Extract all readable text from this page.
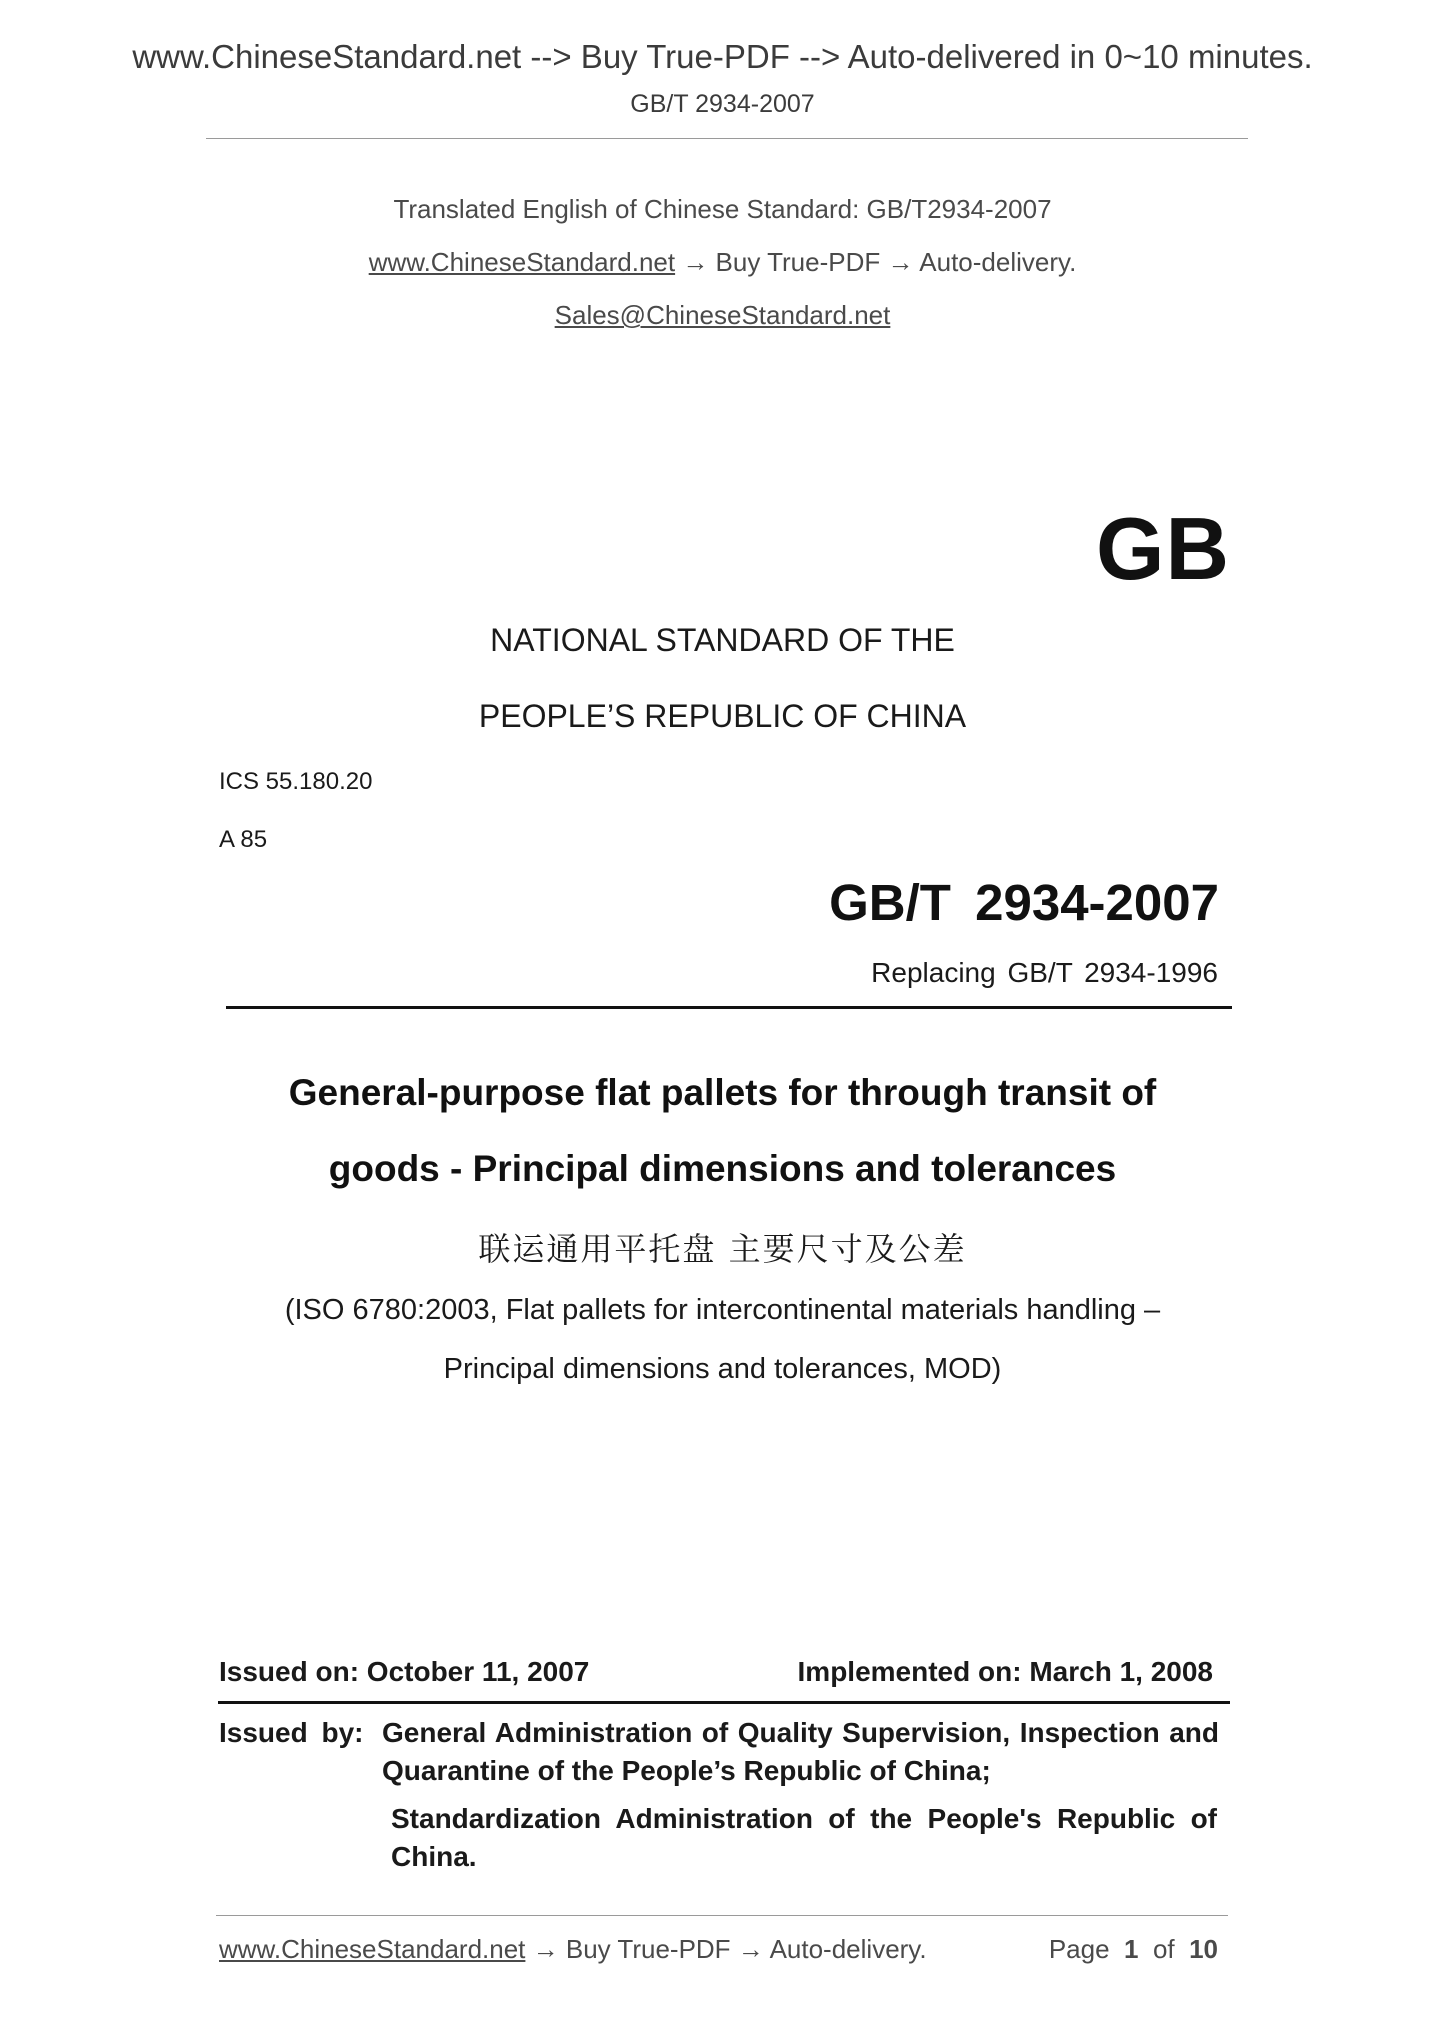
www.ChineseStandard.net --> Buy True-PDF --> Auto-delivered in 0~10 minutes.
GB/T 2934-2007
Translated English of Chinese Standard: GB/T2934-2007
www.ChineseStandard.net → Buy True-PDF → Auto-delivery.
Sales@ChineseStandard.net
GB
NATIONAL STANDARD OF THE
PEOPLE’S REPUBLIC OF CHINA
ICS 55.180.20
A 85
GB/T 2934-2007
Replacing GB/T 2934-1996
General-purpose flat pallets for through transit of
goods - Principal dimensions and tolerances
联运通用平托盘 主要尺寸及公差
(ISO 6780:2003, Flat pallets for intercontinental materials handling –
Principal dimensions and tolerances, MOD)
Issued on: October 11, 2007	Implemented on: March 1, 2008
Issued by: General Administration of Quality Supervision, Inspection and Quarantine of the People’s Republic of China;
Standardization Administration of the People's Republic of China.
www.ChineseStandard.net → Buy True-PDF → Auto-delivery.	Page 1 of 10
